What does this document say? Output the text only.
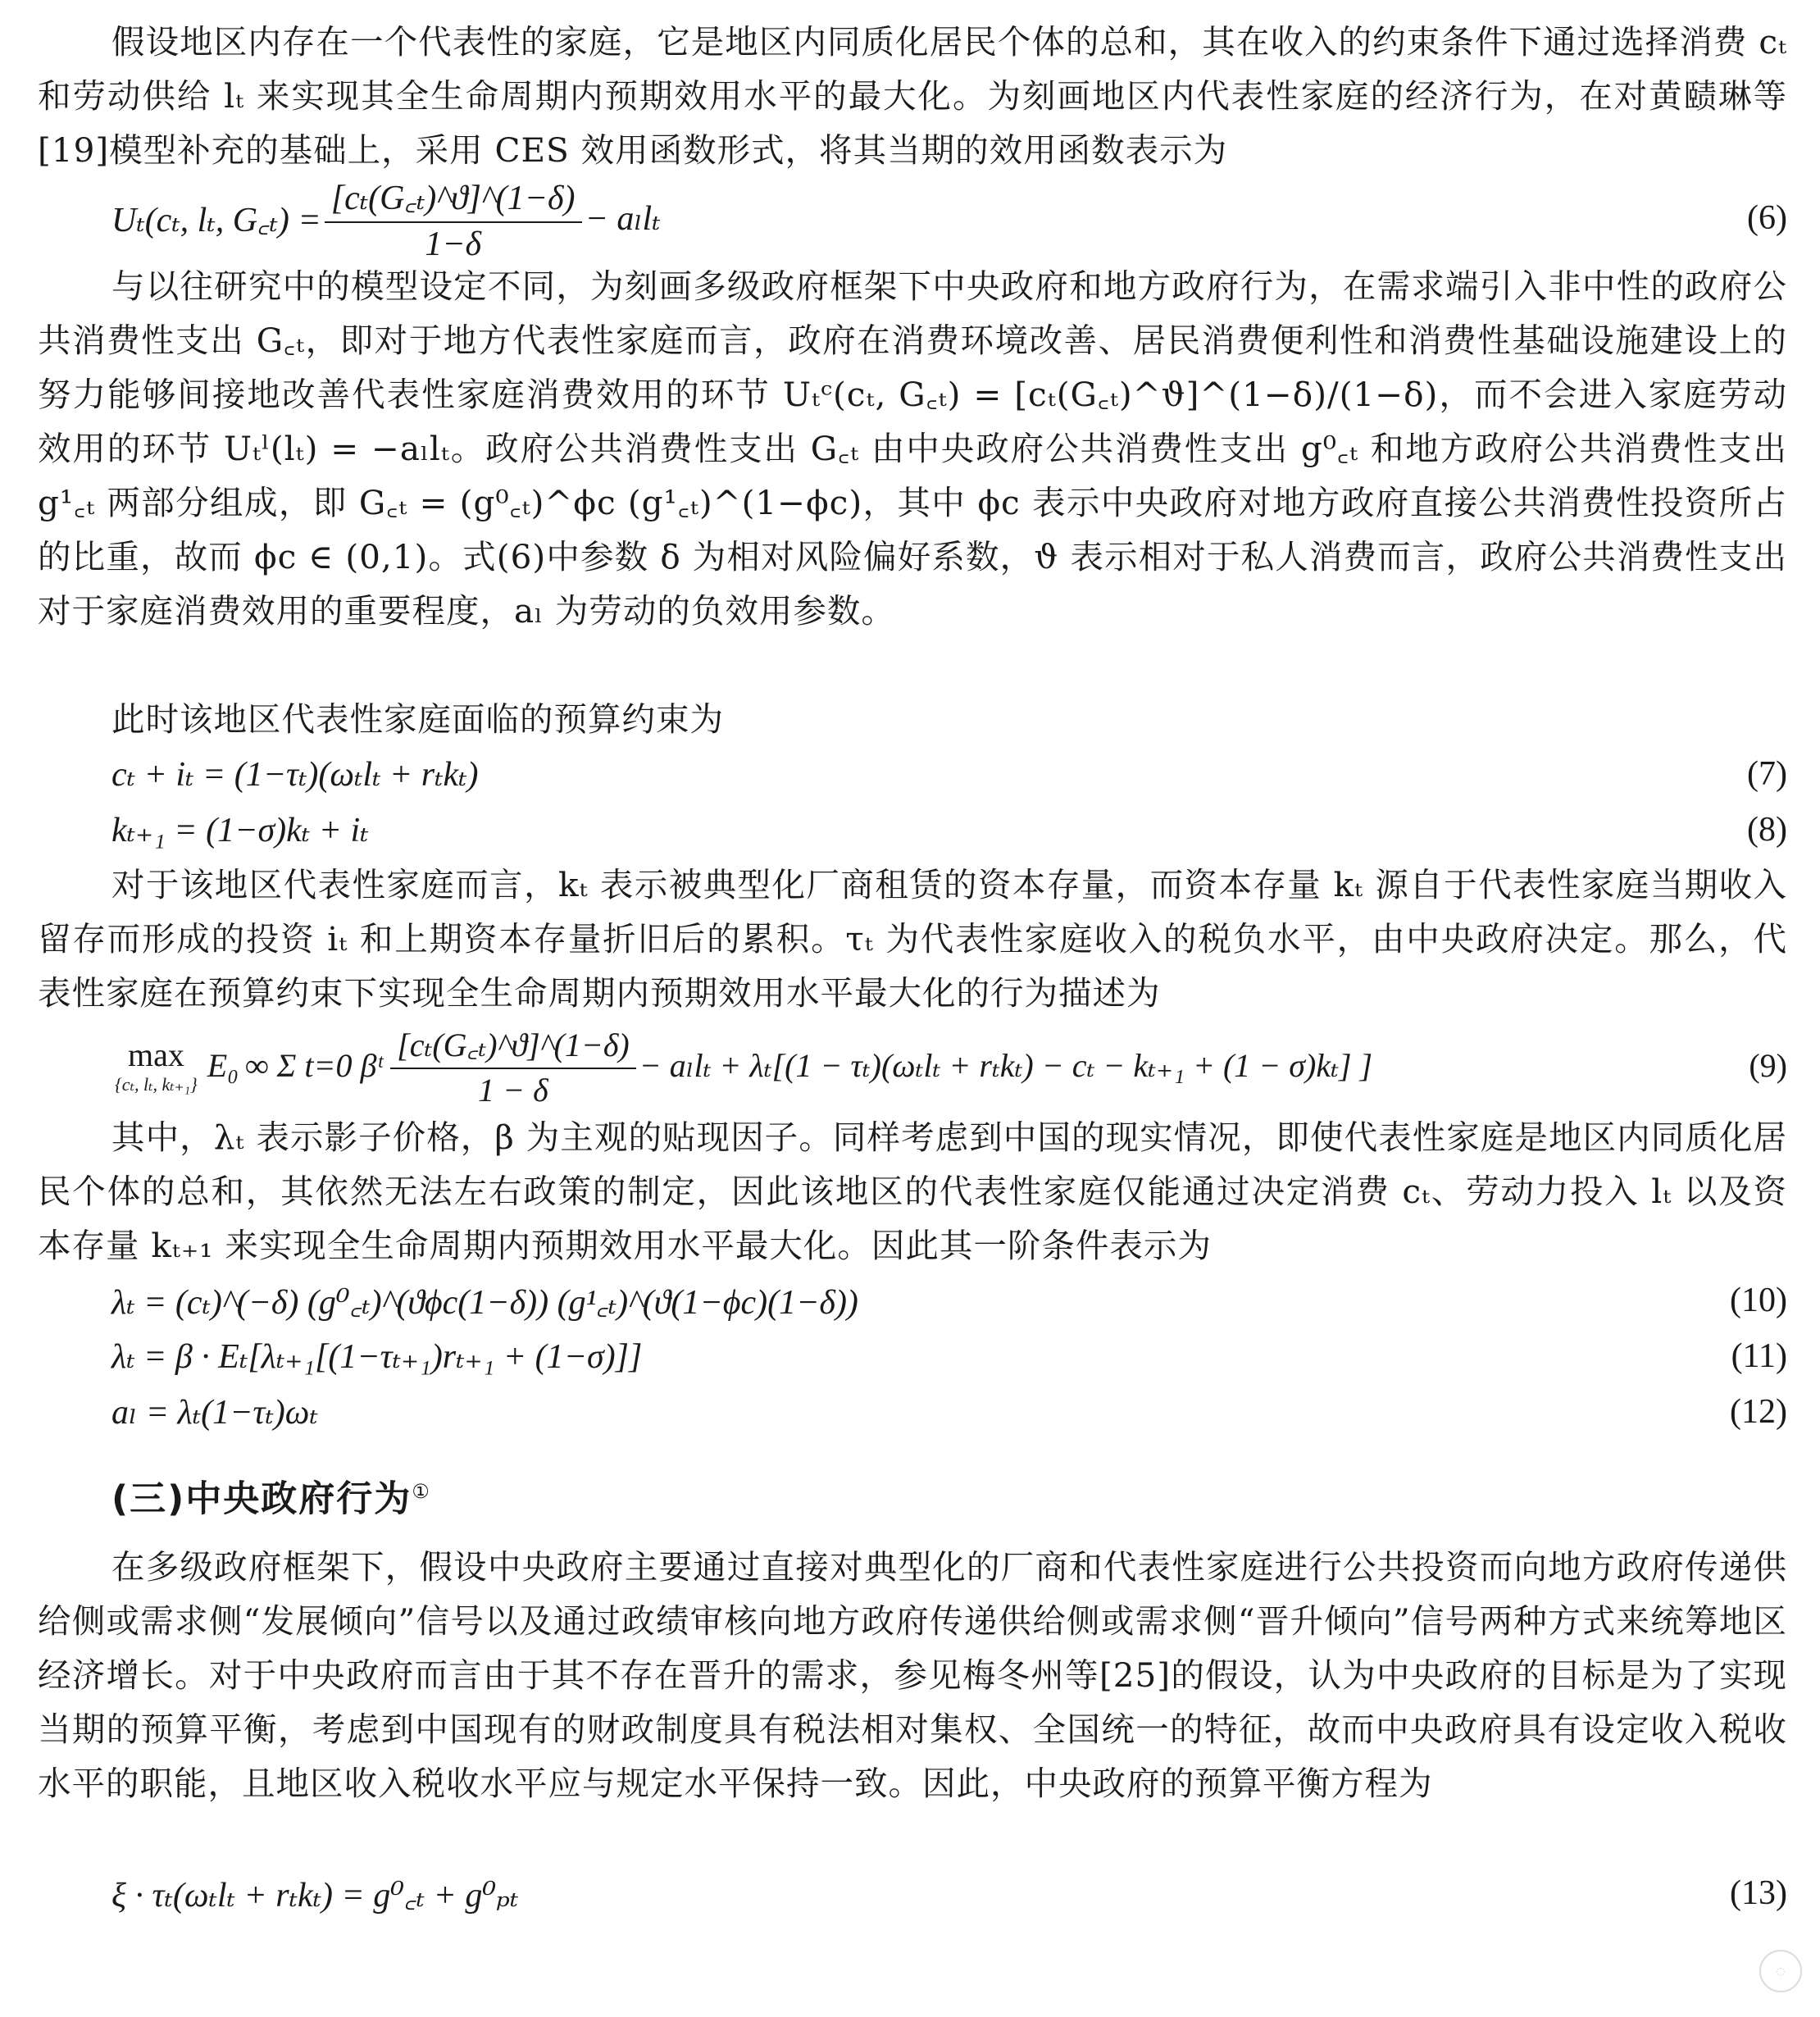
假设地区内存在一个代表性的家庭，它是地区内同质化居民个体的总和，其在收入的约束条件下通过选择消费 cₜ 和劳动供给 lₜ 来实现其全生命周期内预期效用水平的最大化。为刻画地区内代表性家庭的经济行为，在对黄赜琳等[19]模型补充的基础上，采用 CES 效用函数形式，将其当期的效用函数表示为

Uₜ(cₜ, lₜ, G꜀ₜ) = $\frac{\text{[cₜ(G꜀ₜ)\textasciicircum{}ϑ]\textasciicircum{}(1−δ)}}{1-\delta} - a_ll_t$	(6)

与以往研究中的模型设定不同，为刻画多级政府框架下中央政府和地方政府行为，在需求端引入非中性的政府公共消费性支出 G꜀ₜ，即对于地方代表性家庭而言，政府在消费环境改善、居民消费便利性和消费性基础设施建设上的努力能够间接地改善代表性家庭消费效用的环节 Uₜᶜ(cₜ, G꜀ₜ) = [cₜ(G꜀ₜ)^ϑ]^(1−δ)/(1−δ)，而不会进入家庭劳动效用的环节 Uₜˡ(lₜ) = −aₗlₜ。政府公共消费性支出 G꜀ₜ 由中央政府公共消费性支出 g⁰꜀ₜ 和地方政府公共消费性支出 g¹꜀ₜ 两部分组成，即 G꜀ₜ = (g⁰꜀ₜ)^ϕc (g¹꜀ₜ)^(1−ϕc)，其中 ϕc 表示中央政府对地方政府直接公共消费性投资所占的比重，故而 ϕc ∈ (0,1)。式(6)中参数 δ 为相对风险偏好系数，ϑ 表示相对于私人消费而言，政府公共消费性支出对于家庭消费效用的重要程度，aₗ 为劳动的负效用参数。

此时该地区代表性家庭面临的预算约束为

cₜ + iₜ = (1−τₜ)(ωₜlₜ + rₜkₜ)	(7)
kₜ₊₁ = (1−σ)kₜ + iₜ	(8)

对于该地区代表性家庭而言，kₜ 表示被典型化厂商租赁的资本存量，而资本存量 kₜ 源自于代表性家庭当期收入留存而形成的投资 iₜ 和上期资本存量折旧后的累积。τₜ 为代表性家庭收入的税负水平，由中央政府决定。那么，代表性家庭在预算约束下实现全生命周期内预期效用水平最大化的行为描述为

max
{cₜ, lₜ, kₜ₊₁}
E₀ ∞ Σ t=0 βᵗ $\frac{\text{[cₜ(G꜀ₜ)\textasciicircum{}ϑ]\textasciicircum{}(1−δ)}}{1 - \delta} - a_ll_t + \lambda_t[(1 - \tau_t)(\omega_tl_t + r_tk_t) - c_t - k_{t+1} + (1 - \sigma)k_t]$ ]	(9)

其中，λₜ 表示影子价格，β 为主观的贴现因子。同样考虑到中国的现实情况，即使代表性家庭是地区内同质化居民个体的总和，其依然无法左右政策的制定，因此该地区的代表性家庭仅能通过决定消费 cₜ、劳动力投入 lₜ 以及资本存量 kₜ₊₁ 来实现全生命周期内预期效用水平最大化。因此其一阶条件表示为

λₜ = (cₜ)^(−δ) (g⁰꜀ₜ)^(ϑϕc(1−δ)) (g¹꜀ₜ)^(ϑ(1−ϕc)(1−δ))	(10)
λₜ = β · Eₜ[λₜ₊₁[(1−τₜ₊₁)rₜ₊₁ + (1−σ)]]	(11)
aₗ = λₜ(1−τₜ)ωₜ	(12)
(三)中央政府行为①

在多级政府框架下，假设中央政府主要通过直接对典型化的厂商和代表性家庭进行公共投资而向地方政府传递供给侧或需求侧“发展倾向”信号以及通过政绩审核向地方政府传递供给侧或需求侧“晋升倾向”信号两种方式来统筹地区经济增长。对于中央政府而言由于其不存在晋升的需求，参见梅冬州等[25]的假设，认为中央政府的目标是为了实现当期的预算平衡，考虑到中国现有的财政制度具有税法相对集权、全国统一的特征，故而中央政府具有设定收入税收水平的职能，且地区收入税收水平应与规定水平保持一致。因此，中央政府的预算平衡方程为

ξ · τₜ(ωₜlₜ + rₜkₜ) = g⁰꜀ₜ + g⁰ₚₜ	(13)
◌
